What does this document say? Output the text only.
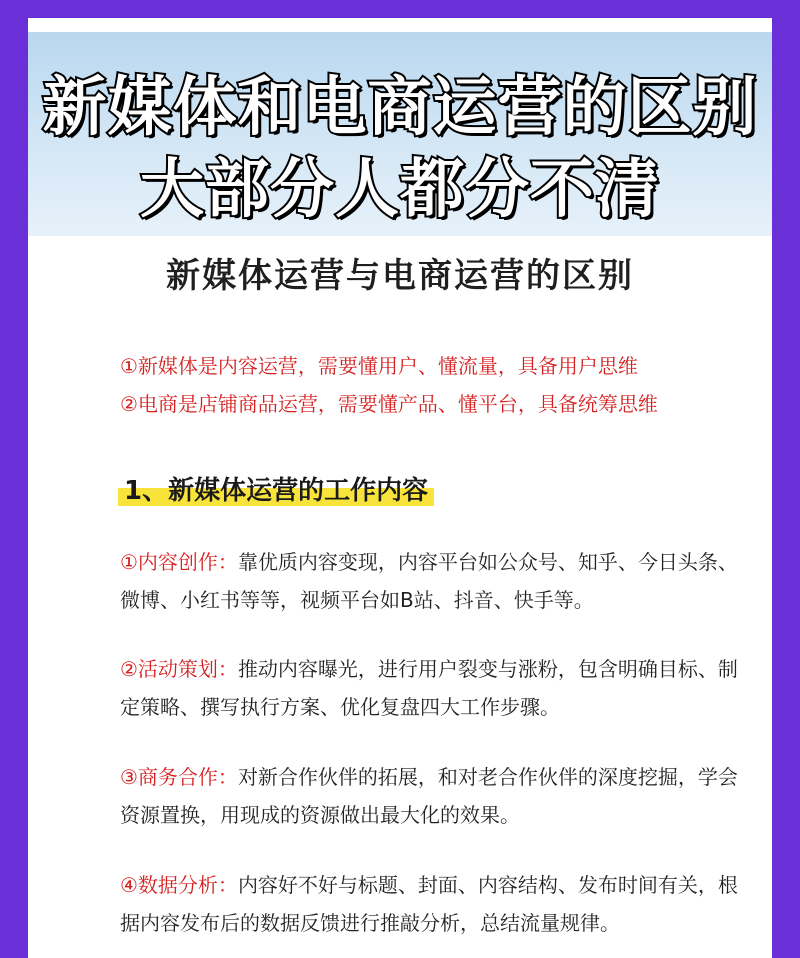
新媒体和电商运营的区别
大部分人都分不清
新媒体运营与电商运营的区别
①新媒体是内容运营，需要懂用户、懂流量，具备用户思维
②电商是店铺商品运营，需要懂产品、懂平台，具备统筹思维
1、新媒体运营的工作内容
①内容创作：靠优质内容变现，内容平台如公众号、知乎、今日头条、微博、小红书等等，视频平台如B站、抖音、快手等。
②活动策划：推动内容曝光，进行用户裂变与涨粉，包含明确目标、制定策略、撰写执行方案、优化复盘四大工作步骤。
③商务合作：对新合作伙伴的拓展，和对老合作伙伴的深度挖掘，学会资源置换，用现成的资源做出最大化的效果。
④数据分析：内容好不好与标题、封面、内容结构、发布时间有关，根据内容发布后的数据反馈进行推敲分析，总结流量规律。
